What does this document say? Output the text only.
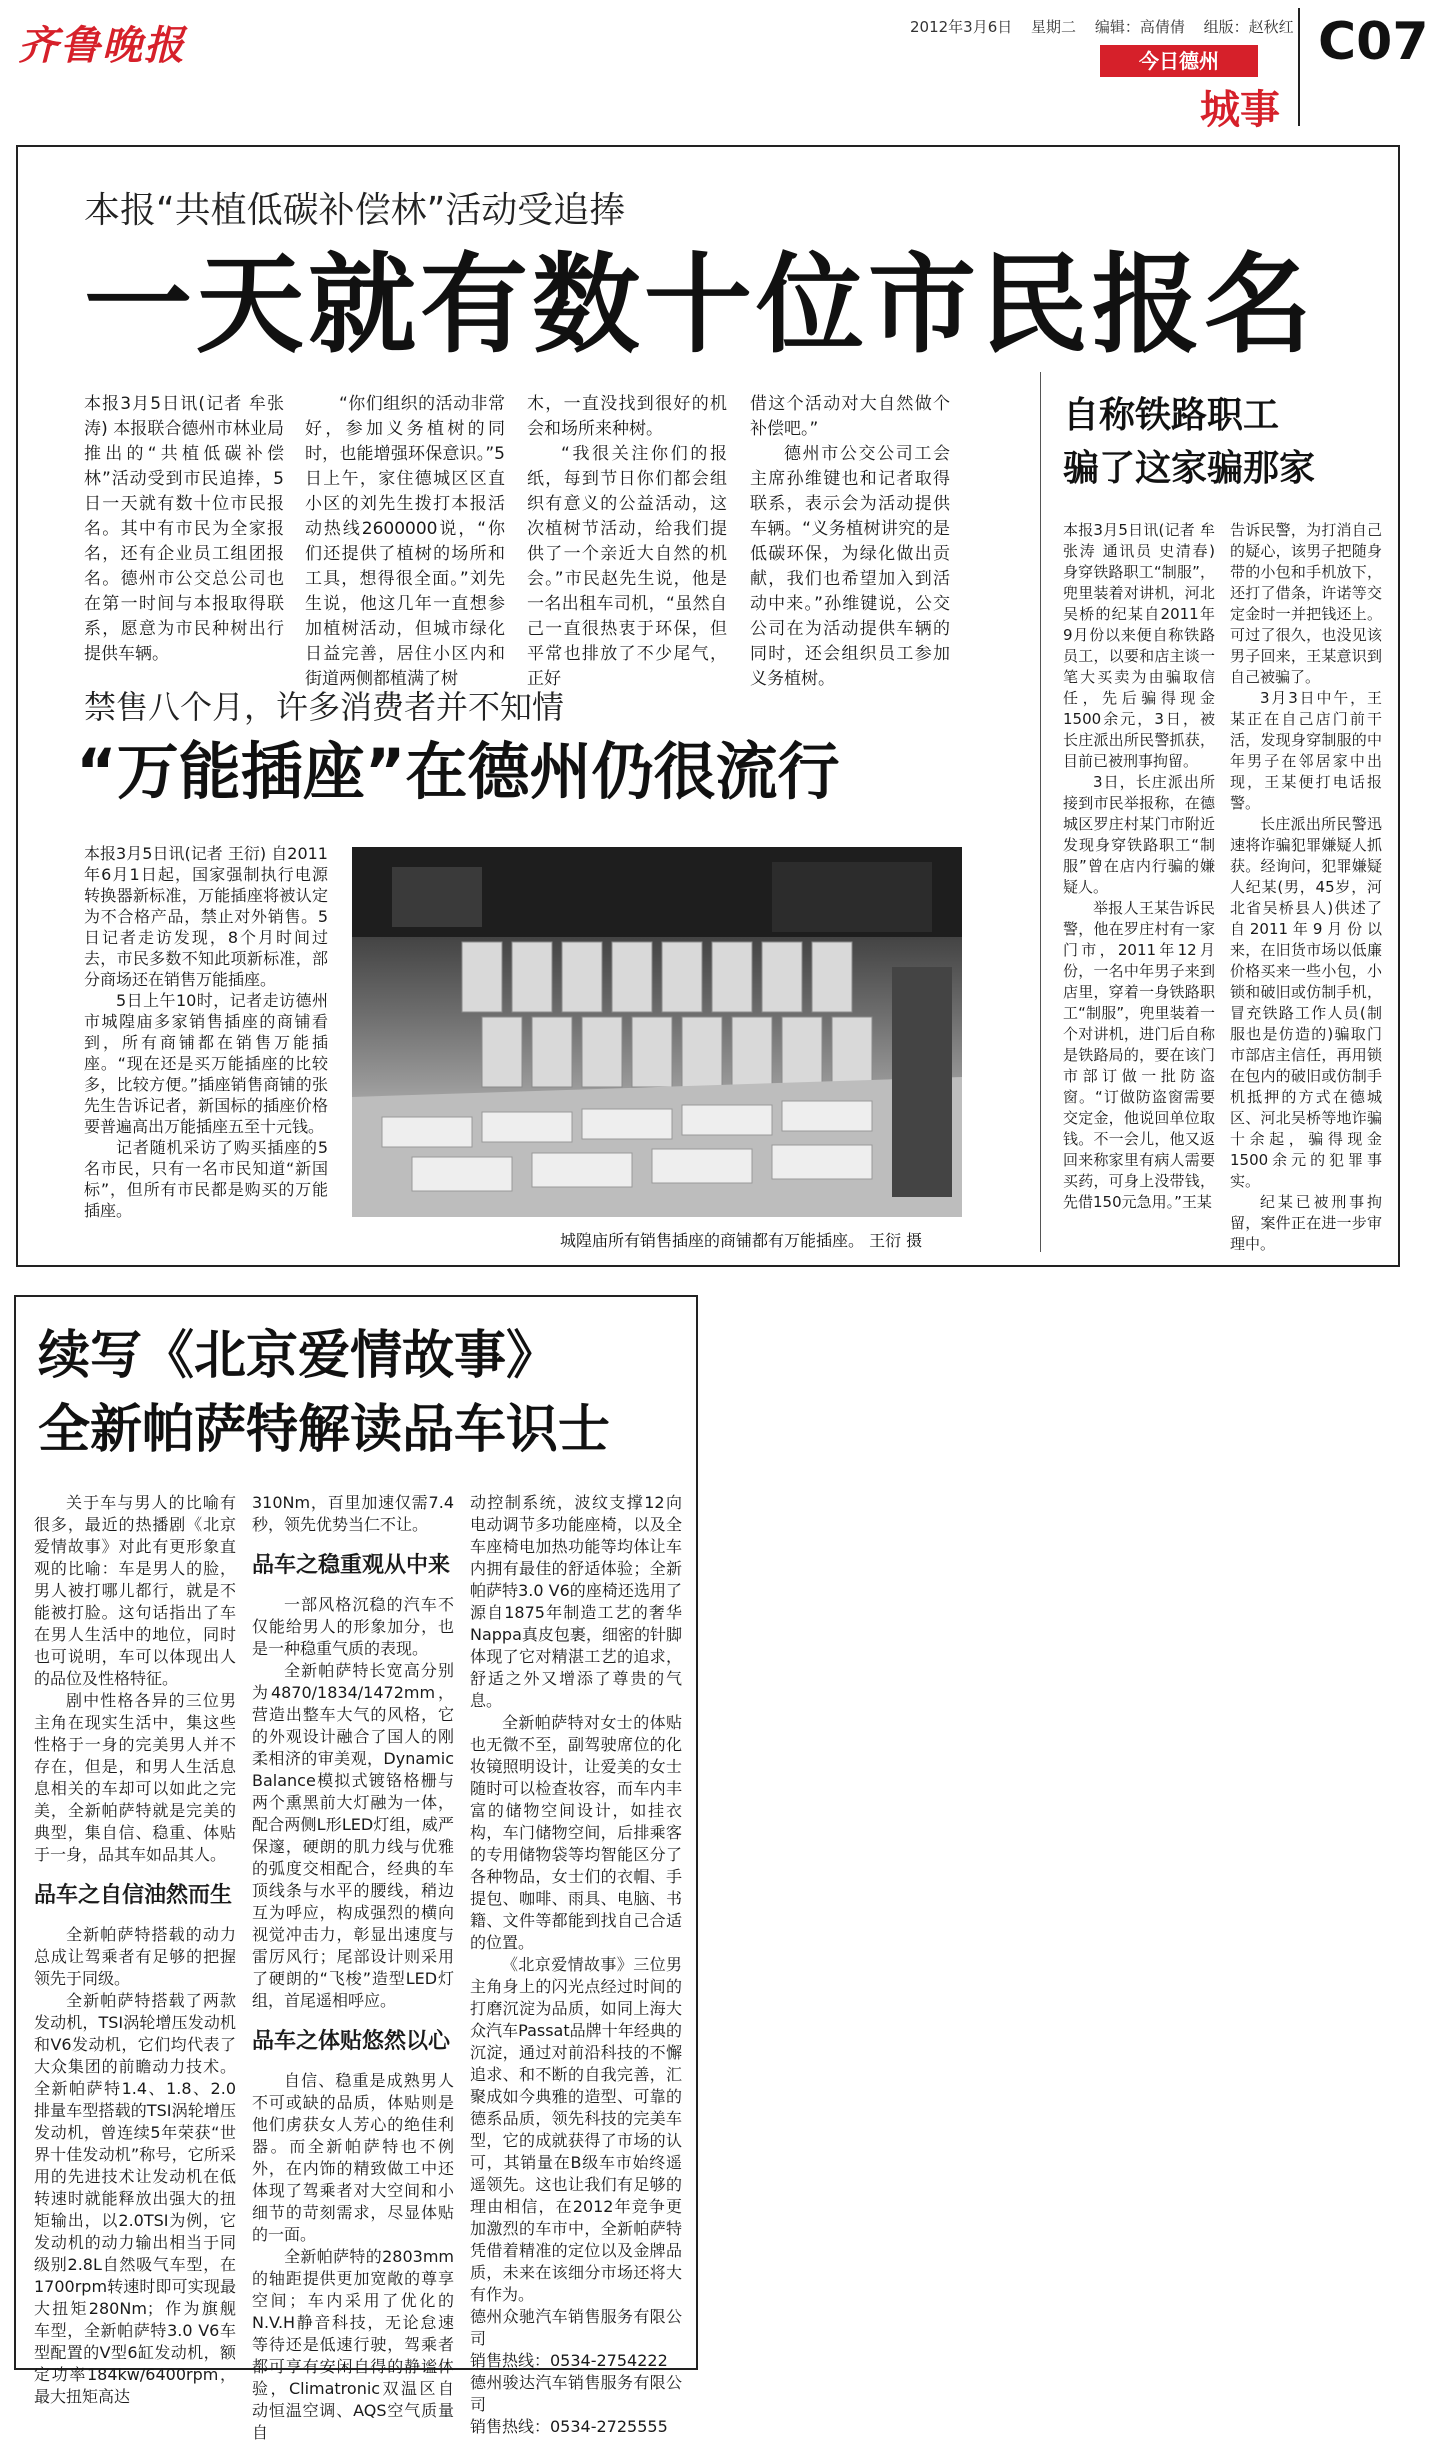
齐鲁晚报	2012年3月6日 星期二 编辑：高倩倩 组版：赵秋红
今日德州
城事
C07
本报“共植低碳补偿林”活动受追捧
一天就有数十位市民报名

本报3月5日讯(记者 牟张涛) 本报联合德州市林业局推出的“共植低碳补偿林”活动受到市民追捧，5日一天就有数十位市民报名。其中有市民为全家报名，还有企业员工组团报名。德州市公交总公司也在第一时间与本报取得联系，愿意为市民种树出行提供车辆。

“你们组织的活动非常好，参加义务植树的同时，也能增强环保意识。”5日上午，家住德城区区直小区的刘先生拨打本报活动热线2600000说，“你们还提供了植树的场所和工具，想得很全面。”刘先生说，他这几年一直想参加植树活动，但城市绿化日益完善，居住小区内和街道两侧都植满了树

木，一直没找到很好的机会和场所来种树。

“我很关注你们的报纸，每到节日你们都会组织有意义的公益活动，这次植树节活动，给我们提供了一个亲近大自然的机会。”市民赵先生说，他是一名出租车司机，“虽然自己一直很热衷于环保，但平常也排放了不少尾气，正好

借这个活动对大自然做个补偿吧。”

德州市公交公司工会主席孙维键也和记者取得联系，表示会为活动提供车辆。“义务植树讲究的是低碳环保，为绿化做出贡献，我们也希望加入到活动中来。”孙维键说，公交公司在为活动提供车辆的同时，还会组织员工参加义务植树。

禁售八个月，许多消费者并不知情
“万能插座”在德州仍很流行

本报3月5日讯(记者 王衍) 自2011年6月1日起，国家强制执行电源转换器新标准，万能插座将被认定为不合格产品，禁止对外销售。5日记者走访发现，8个月时间过去，市民多数不知此项新标准，部分商场还在销售万能插座。

5日上午10时，记者走访德州市城隍庙多家销售插座的商铺看到，所有商铺都在销售万能插座。“现在还是买万能插座的比较多，比较方便。”插座销售商铺的张先生告诉记者，新国标的插座价格要普遍高出万能插座五至十元钱。

记者随机采访了购买插座的5名市民，只有一名市民知道“新国标”，但所有市民都是购买的万能插座。

城隍庙所有销售插座的商铺都有万能插座。 王衍 摄
自称铁路职工
骗了这家骗那家

本报3月5日讯(记者 牟张涛 通讯员 史清春) 身穿铁路职工“制服”，兜里装着对讲机，河北吴桥的纪某自2011年9月份以来便自称铁路员工，以要和店主谈一笔大买卖为由骗取信任，先后骗得现金1500余元，3日，被长庄派出所民警抓获，目前已被刑事拘留。

3日，长庄派出所接到市民举报称，在德城区罗庄村某门市附近发现身穿铁路职工“制服”曾在店内行骗的嫌疑人。

举报人王某告诉民警，他在罗庄村有一家门市，2011年12月份，一名中年男子来到店里，穿着一身铁路职工“制服”，兜里装着一个对讲机，进门后自称是铁路局的，要在该门市部订做一批防盗窗。“订做防盗窗需要交定金，他说回单位取钱。不一会儿，他又返回来称家里有病人需要买药，可身上没带钱，先借150元急用。”王某

告诉民警，为打消自己的疑心，该男子把随身带的小包和手机放下，还打了借条，许诺等交定金时一并把钱还上。可过了很久，也没见该男子回来，王某意识到自己被骗了。

3月3日中午，王某正在自己店门前干活，发现身穿制服的中年男子在邻居家中出现，王某便打电话报警。

长庄派出所民警迅速将诈骗犯罪嫌疑人抓获。经询问，犯罪嫌疑人纪某(男，45岁，河北省吴桥县人)供述了自2011年9月份以来，在旧货市场以低廉价格买来一些小包，小锁和破旧或仿制手机，冒充铁路工作人员(制服也是仿造的)骗取门市部店主信任，再用锁在包内的破旧或仿制手机抵押的方式在德城区、河北吴桥等地诈骗十余起，骗得现金1500余元的犯罪事实。

纪某已被刑事拘留，案件正在进一步审理中。

续写《北京爱情故事》
全新帕萨特解读品车识士

关于车与男人的比喻有很多，最近的热播剧《北京爱情故事》对此有更形象直观的比喻：车是男人的脸，男人被打哪儿都行，就是不能被打脸。这句话指出了车在男人生活中的地位，同时也可说明，车可以体现出人的品位及性格特征。

剧中性格各异的三位男主角在现实生活中，集这些性格于一身的完美男人并不存在，但是，和男人生活息息相关的车却可以如此之完美，全新帕萨特就是完美的典型，集自信、稳重、体贴于一身，品其车如品其人。

品车之自信油然而生

全新帕萨特搭载的动力总成让驾乘者有足够的把握领先于同级。

全新帕萨特搭载了两款发动机，TSI涡轮增压发动机和V6发动机，它们均代表了大众集团的前瞻动力技术。全新帕萨特1.4、1.8、2.0排量车型搭载的TSI涡轮增压发动机，曾连续5年荣获“世界十佳发动机”称号，它所采用的先进技术让发动机在低转速时就能释放出强大的扭矩输出，以2.0TSI为例，它发动机的动力输出相当于同级别2.8L自然吸气车型，在1700rpm转速时即可实现最大扭矩280Nm；作为旗舰车型，全新帕萨特3.0 V6车型配置的V型6缸发动机，额定功率184kw/6400rpm，最大扭矩高达

310Nm，百里加速仅需7.4秒，领先优势当仁不让。

品车之稳重观从中来

一部风格沉稳的汽车不仅能给男人的形象加分，也是一种稳重气质的表现。

全新帕萨特长宽高分别为4870/1834/1472mm，营造出整车大气的风格，它的外观设计融合了国人的刚柔相济的审美观，Dynamic Balance模拟式镀铬格栅与两个熏黑前大灯融为一体，配合两侧L形LED灯组，威严保邃，硬朗的肌力线与优雅的弧度交相配合，经典的车顶线条与水平的腰线，稍边互为呼应，构成强烈的横向视觉冲击力，彰显出速度与雷厉风行；尾部设计则采用了硬朗的“飞梭”造型LED灯组，首尾遥相呼应。

品车之体贴悠然以心

自信、稳重是成熟男人不可或缺的品质，体贴则是他们虏获女人芳心的绝佳利器。而全新帕萨特也不例外，在内饰的精致做工中还体现了驾乘者对大空间和小细节的苛刻需求，尽显体贴的一面。

全新帕萨特的2803mm的轴距提供更加宽敞的尊享空间；车内采用了优化的N.V.H静音科技，无论怠速等待还是低速行驶，驾乘者都可享有安闲自得的静谧体验，Climatronic双温区自动恒温空调、AQS空气质量自

动控制系统，波纹支撑12向电动调节多功能座椅，以及全车座椅电加热功能等均体让车内拥有最佳的舒适体验；全新帕萨特3.0 V6的座椅还选用了源自1875年制造工艺的奢华Nappa真皮包裹，细密的针脚体现了它对精湛工艺的追求，舒适之外又增添了尊贵的气息。

全新帕萨特对女士的体贴也无微不至，副驾驶席位的化妆镜照明设计，让爱美的女士随时可以检查妆容，而车内丰富的储物空间设计，如挂衣构，车门储物空间，后排乘客的专用储物袋等均智能区分了各种物品，女士们的衣帽、手提包、咖啡、雨具、电脑、书籍、文件等都能到找自己合适的位置。

《北京爱情故事》三位男主角身上的闪光点经过时间的打磨沉淀为品质，如同上海大众汽车Passat品牌十年经典的沉淀，通过对前沿科技的不懈追求、和不断的自我完善，汇聚成如今典雅的造型、可靠的德系品质，领先科技的完美车型，它的成就获得了市场的认可，其销量在B级车市始终遥遥领先。这也让我们有足够的理由相信，在2012年竞争更加激烈的车市中，全新帕萨特凭借着精准的定位以及金牌品质，未来在该细分市场还将大有作为。

德州众驰汽车销售服务有限公司

销售热线：0534-2754222

德州骏达汽车销售服务有限公司

销售热线：0534-2725555
